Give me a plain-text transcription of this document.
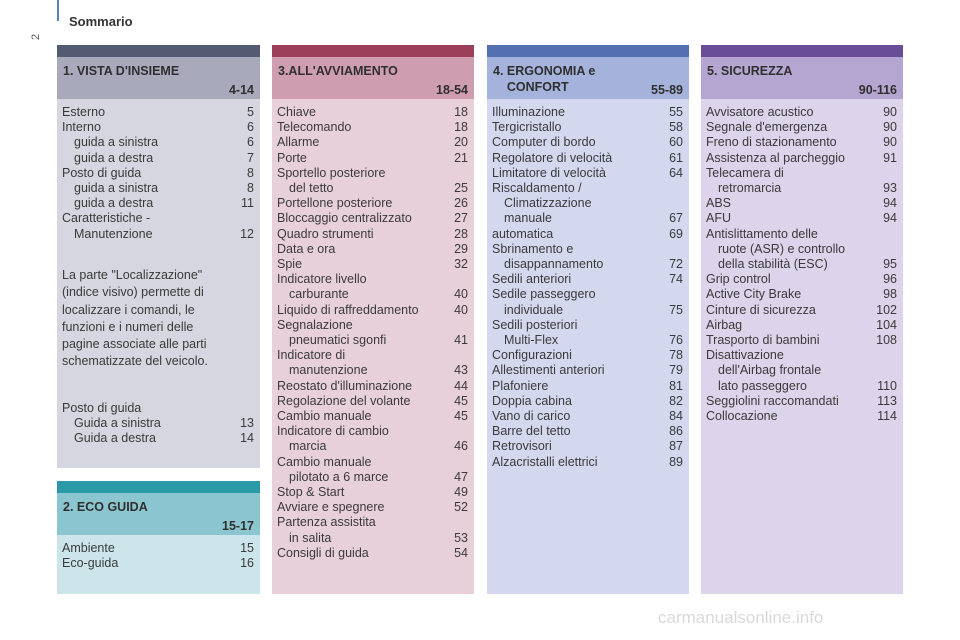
Sommario
2
1. VISTA D'INSIEME
4-14
Esterno	5
Interno	6
guida a sinistra	6
guida a destra	7
Posto di guida	8
guida a sinistra	8
guida a destra	11
Caratteristiche -
Manutenzione	12
La parte "Localizzazione"
(indice visivo) permette di
localizzare i comandi, le
funzioni e i numeri delle
pagine associate alle parti
schematizzate del veicolo.
Posto di guida
Guida a sinistra	13
Guida a destra	14
2. ECO GUIDA
15-17
Ambiente	15
Eco-guida	16
3.ALL'AVVIAMENTO
18-54
Chiave	18
Telecomando	18
Allarme	20
Porte	21
Sportello posteriore
del tetto	25
Portellone posteriore	26
Bloccaggio centralizzato	27
Quadro strumenti	28
Data e ora	29
Spie	32
Indicatore livello
carburante	40
Liquido di raffreddamento	40
Segnalazione
pneumatici sgonfi	41
Indicatore di
manutenzione	43
Reostato d'illuminazione	44
Regolazione del volante	45
Cambio manuale	45
Indicatore di cambio
marcia	46
Cambio manuale
pilotato a 6 marce	47
Stop & Start	49
Avviare e spegnere	52
Partenza assistita
in salita	53
Consigli di guida	54
4. ERGONOMIA e
CONFORT	55-89
Illuminazione	55
Tergicristallo	58
Computer di bordo	60
Regolatore di velocità	61
Limitatore di velocità	64
Riscaldamento /
Climatizzazione
manuale	67
automatica	69
Sbrinamento e
disappannamento	72
Sedili anteriori	74
Sedile passeggero
individuale	75
Sedili posteriori
Multi-Flex	76
Configurazioni	78
Allestimenti anteriori	79
Plafoniere	81
Doppia cabina	82
Vano di carico	84
Barre del tetto	86
Retrovisori	87
Alzacristalli elettrici	89
5. SICUREZZA
90-116
Avvisatore acustico	90
Segnale d'emergenza	90
Freno di stazionamento	90
Assistenza al parcheggio	91
Telecamera di
retromarcia	93
ABS	94
AFU	94
Antislittamento delle
ruote (ASR) e controllo
della stabilità (ESC)	95
Grip control	96
Active City Brake	98
Cinture di sicurezza	102
Airbag	104
Trasporto di bambini	108
Disattivazione
dell'Airbag frontale
lato passeggero	110
Seggiolini raccomandati	113
Collocazione	114
carmanualsonline.info
